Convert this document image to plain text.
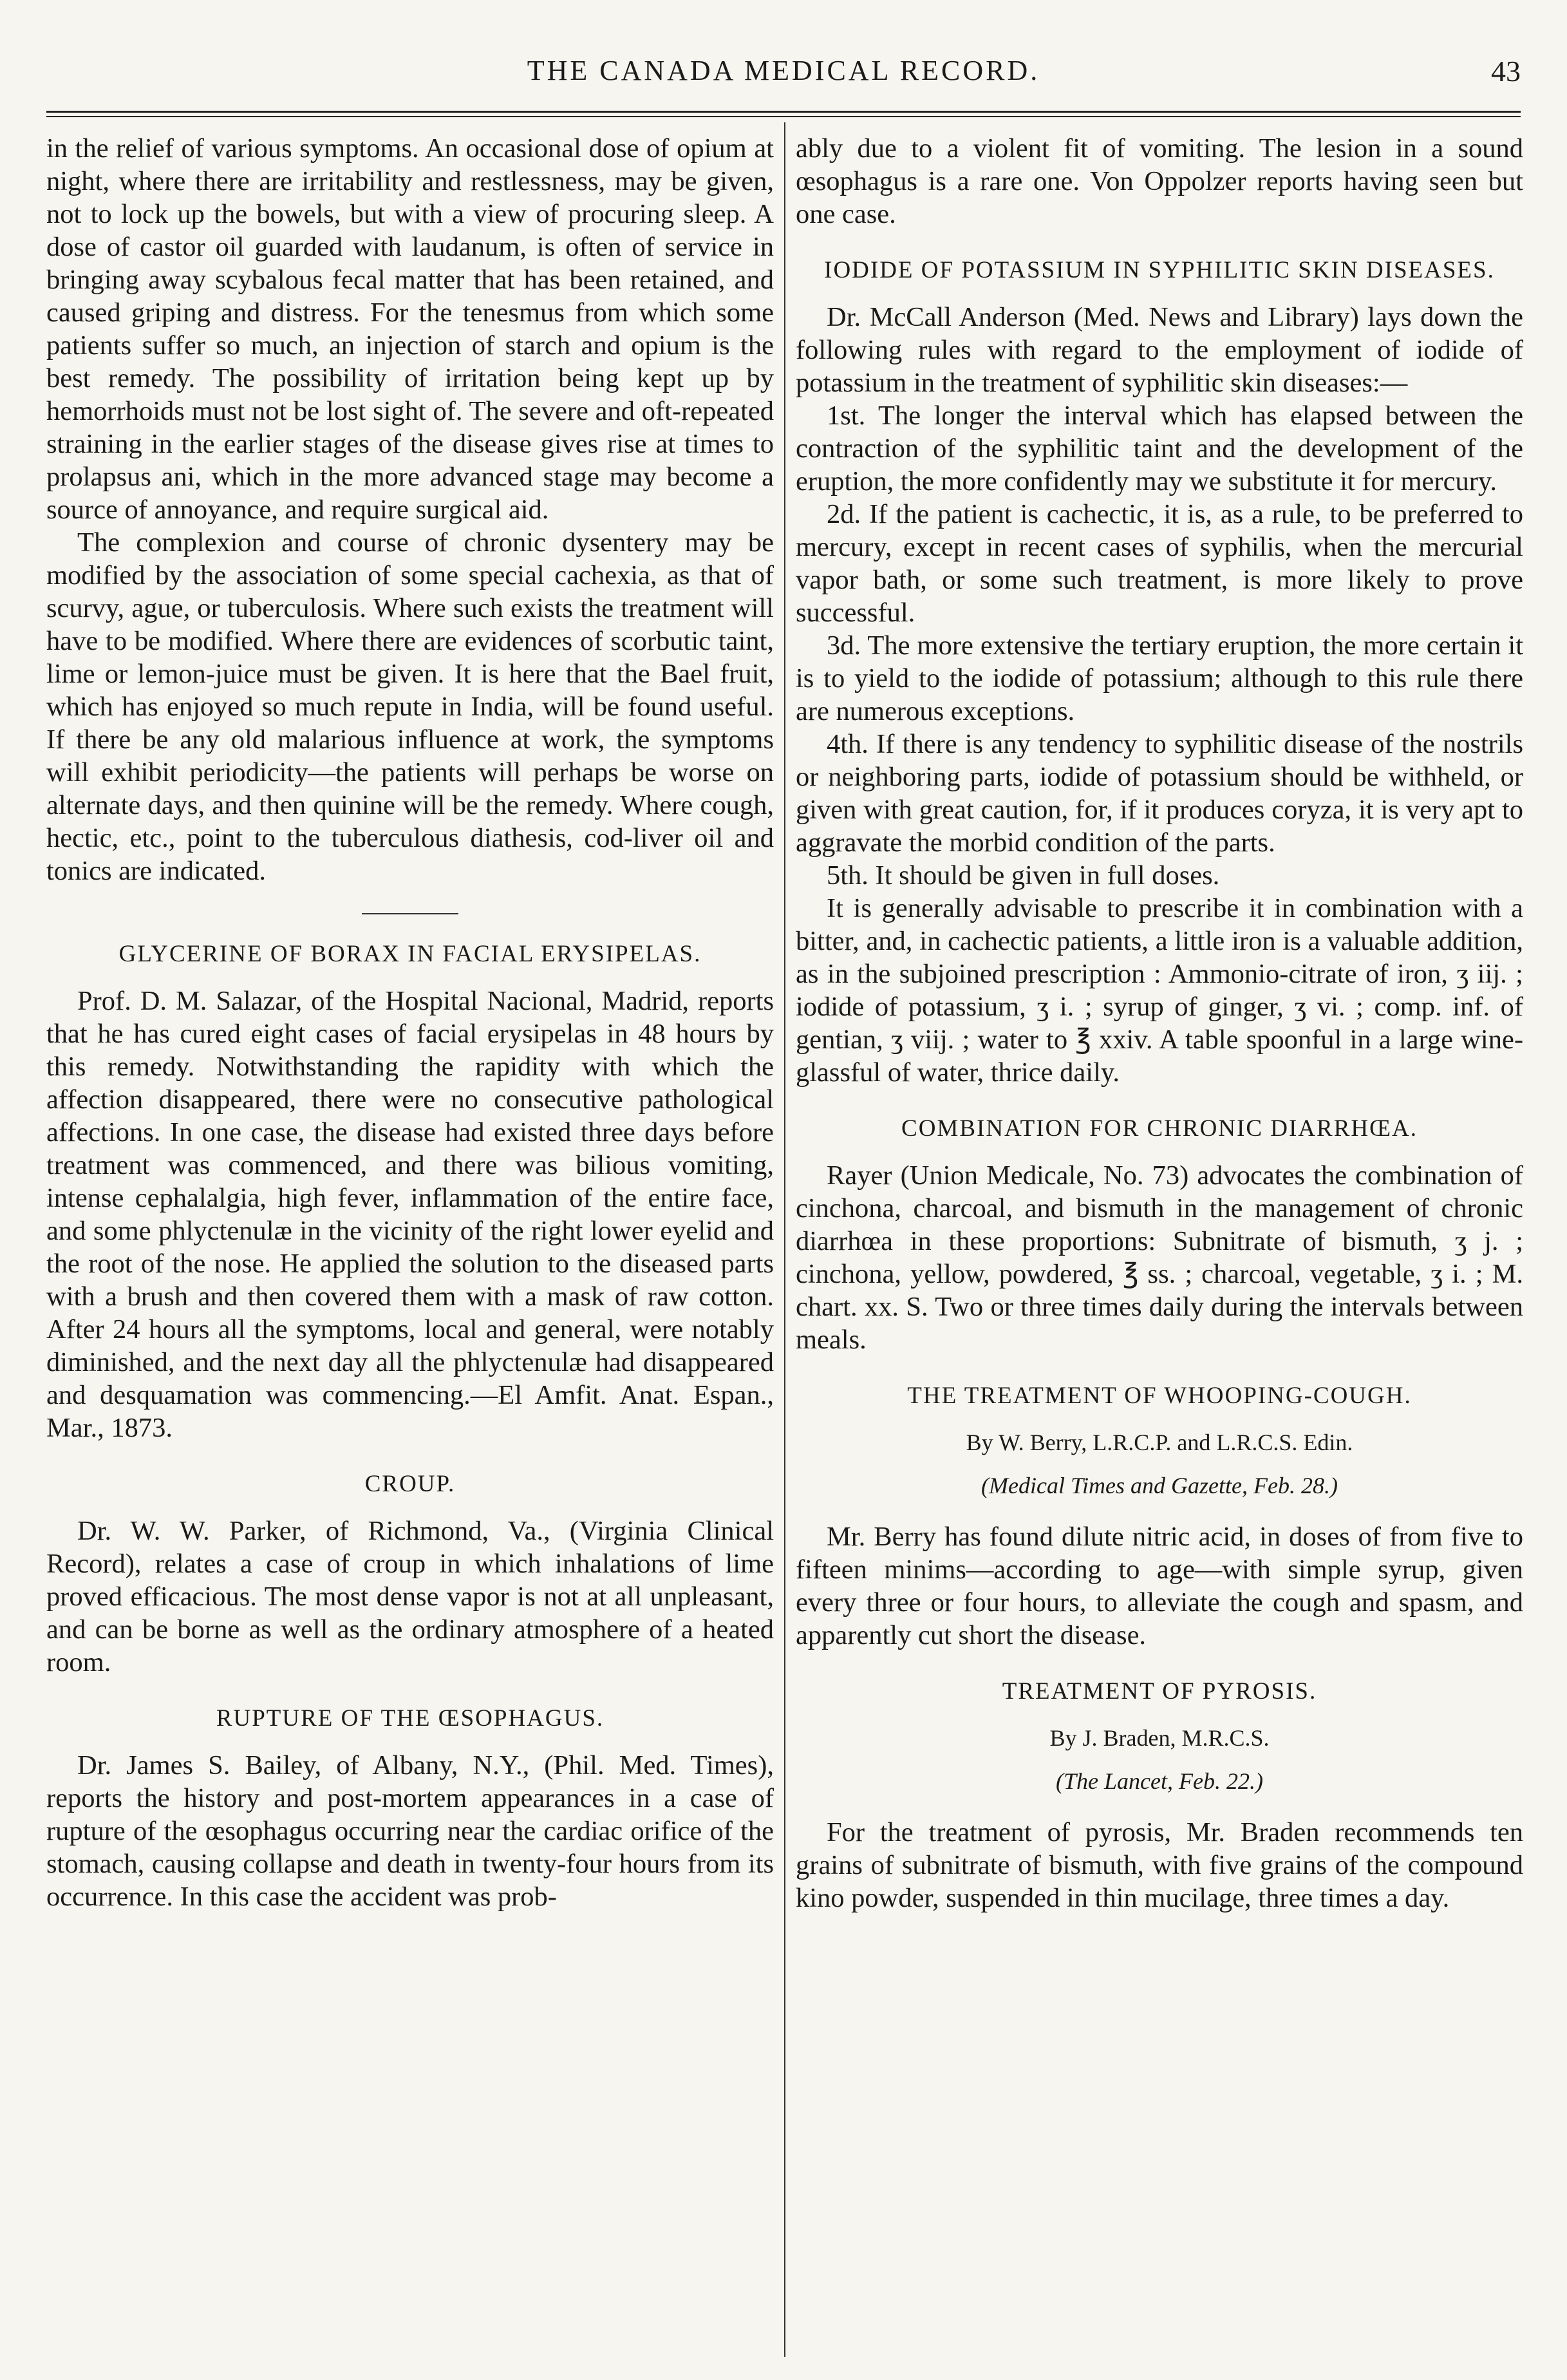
THE CANADA MEDICAL RECORD.	43

in the relief of various symptoms. An occasional dose of opium at night, where there are irritability and restlessness, may be given, not to lock up the bowels, but with a view of procuring sleep. A dose of castor oil guarded with laudanum, is often of service in bringing away scybalous fecal matter that has been retained, and caused griping and distress. For the tenesmus from which some patients suffer so much, an injection of starch and opium is the best remedy. The possibility of irritation being kept up by hemorrhoids must not be lost sight of. The severe and oft-repeated straining in the earlier stages of the disease gives rise at times to prolapsus ani, which in the more advanced stage may become a source of annoyance, and require surgical aid.

The complexion and course of chronic dysentery may be modified by the association of some special cachexia, as that of scurvy, ague, or tuberculosis. Where such exists the treatment will have to be modified. Where there are evidences of scorbutic taint, lime or lemon-juice must be given. It is here that the Bael fruit, which has enjoyed so much repute in India, will be found useful. If there be any old malarious influence at work, the symptoms will exhibit periodicity—the patients will perhaps be worse on alternate days, and then quinine will be the remedy. Where cough, hectic, etc., point to the tuberculous diathesis, cod-liver oil and tonics are indicated.

GLYCERINE OF BORAX IN FACIAL ERYSIPELAS.

Prof. D. M. Salazar, of the Hospital Nacional, Madrid, reports that he has cured eight cases of facial erysipelas in 48 hours by this remedy. Notwithstanding the rapidity with which the affection disappeared, there were no consecutive pathological affections. In one case, the disease had existed three days before treatment was commenced, and there was bilious vomiting, intense cephalalgia, high fever, inflammation of the entire face, and some phlyctenulæ in the vicinity of the right lower eyelid and the root of the nose. He applied the solution to the diseased parts with a brush and then covered them with a mask of raw cotton. After 24 hours all the symptoms, local and general, were notably diminished, and the next day all the phlyctenulæ had disappeared and desquamation was commencing.—El Amfit. Anat. Espan., Mar., 1873.

CROUP.

Dr. W. W. Parker, of Richmond, Va., (Virginia Clinical Record), relates a case of croup in which inhalations of lime proved efficacious. The most dense vapor is not at all unpleasant, and can be borne as well as the ordinary atmosphere of a heated room.

RUPTURE OF THE ŒSOPHAGUS.

Dr. James S. Bailey, of Albany, N.Y., (Phil. Med. Times), reports the history and post-mortem appearances in a case of rupture of the œsophagus occurring near the cardiac orifice of the stomach, causing collapse and death in twenty-four hours from its occurrence. In this case the accident was prob-

ably due to a violent fit of vomiting. The lesion in a sound œsophagus is a rare one. Von Oppolzer reports having seen but one case.

IODIDE OF POTASSIUM IN SYPHILITIC SKIN DISEASES.

Dr. McCall Anderson (Med. News and Library) lays down the following rules with regard to the employment of iodide of potassium in the treatment of syphilitic skin diseases:—

1st. The longer the interval which has elapsed between the contraction of the syphilitic taint and the development of the eruption, the more confidently may we substitute it for mercury.

2d. If the patient is cachectic, it is, as a rule, to be preferred to mercury, except in recent cases of syphilis, when the mercurial vapor bath, or some such treatment, is more likely to prove successful.

3d. The more extensive the tertiary eruption, the more certain it is to yield to the iodide of potassium; although to this rule there are numerous exceptions.

4th. If there is any tendency to syphilitic disease of the nostrils or neighboring parts, iodide of potassium should be withheld, or given with great caution, for, if it produces coryza, it is very apt to aggravate the morbid condition of the parts.

5th. It should be given in full doses.

It is generally advisable to prescribe it in combination with a bitter, and, in cachectic patients, a little iron is a valuable addition, as in the subjoined prescription : Ammonio-citrate of iron, ʒ iij. ; iodide of potassium, ʒ i. ; syrup of ginger, ʒ vi. ; comp. inf. of gentian, ʒ viij. ; water to ℥ xxiv. A table spoonful in a large wine-glassful of water, thrice daily.

COMBINATION FOR CHRONIC DIARRHŒA.

Rayer (Union Medicale, No. 73) advocates the combination of cinchona, charcoal, and bismuth in the management of chronic diarrhœa in these proportions: Subnitrate of bismuth, ʒ j. ; cinchona, yellow, powdered, ℥ ss. ; charcoal, vegetable, ʒ i. ; M. chart. xx. S. Two or three times daily during the intervals between meals.

THE TREATMENT OF WHOOPING-COUGH.
By W. Berry, L.R.C.P. and L.R.C.S. Edin.
(Medical Times and Gazette, Feb. 28.)

Mr. Berry has found dilute nitric acid, in doses of from five to fifteen minims—according to age—with simple syrup, given every three or four hours, to alleviate the cough and spasm, and apparently cut short the disease.

TREATMENT OF PYROSIS.
By J. Braden, M.R.C.S.
(The Lancet, Feb. 22.)

For the treatment of pyrosis, Mr. Braden recommends ten grains of subnitrate of bismuth, with five grains of the compound kino powder, suspended in thin mucilage, three times a day.
